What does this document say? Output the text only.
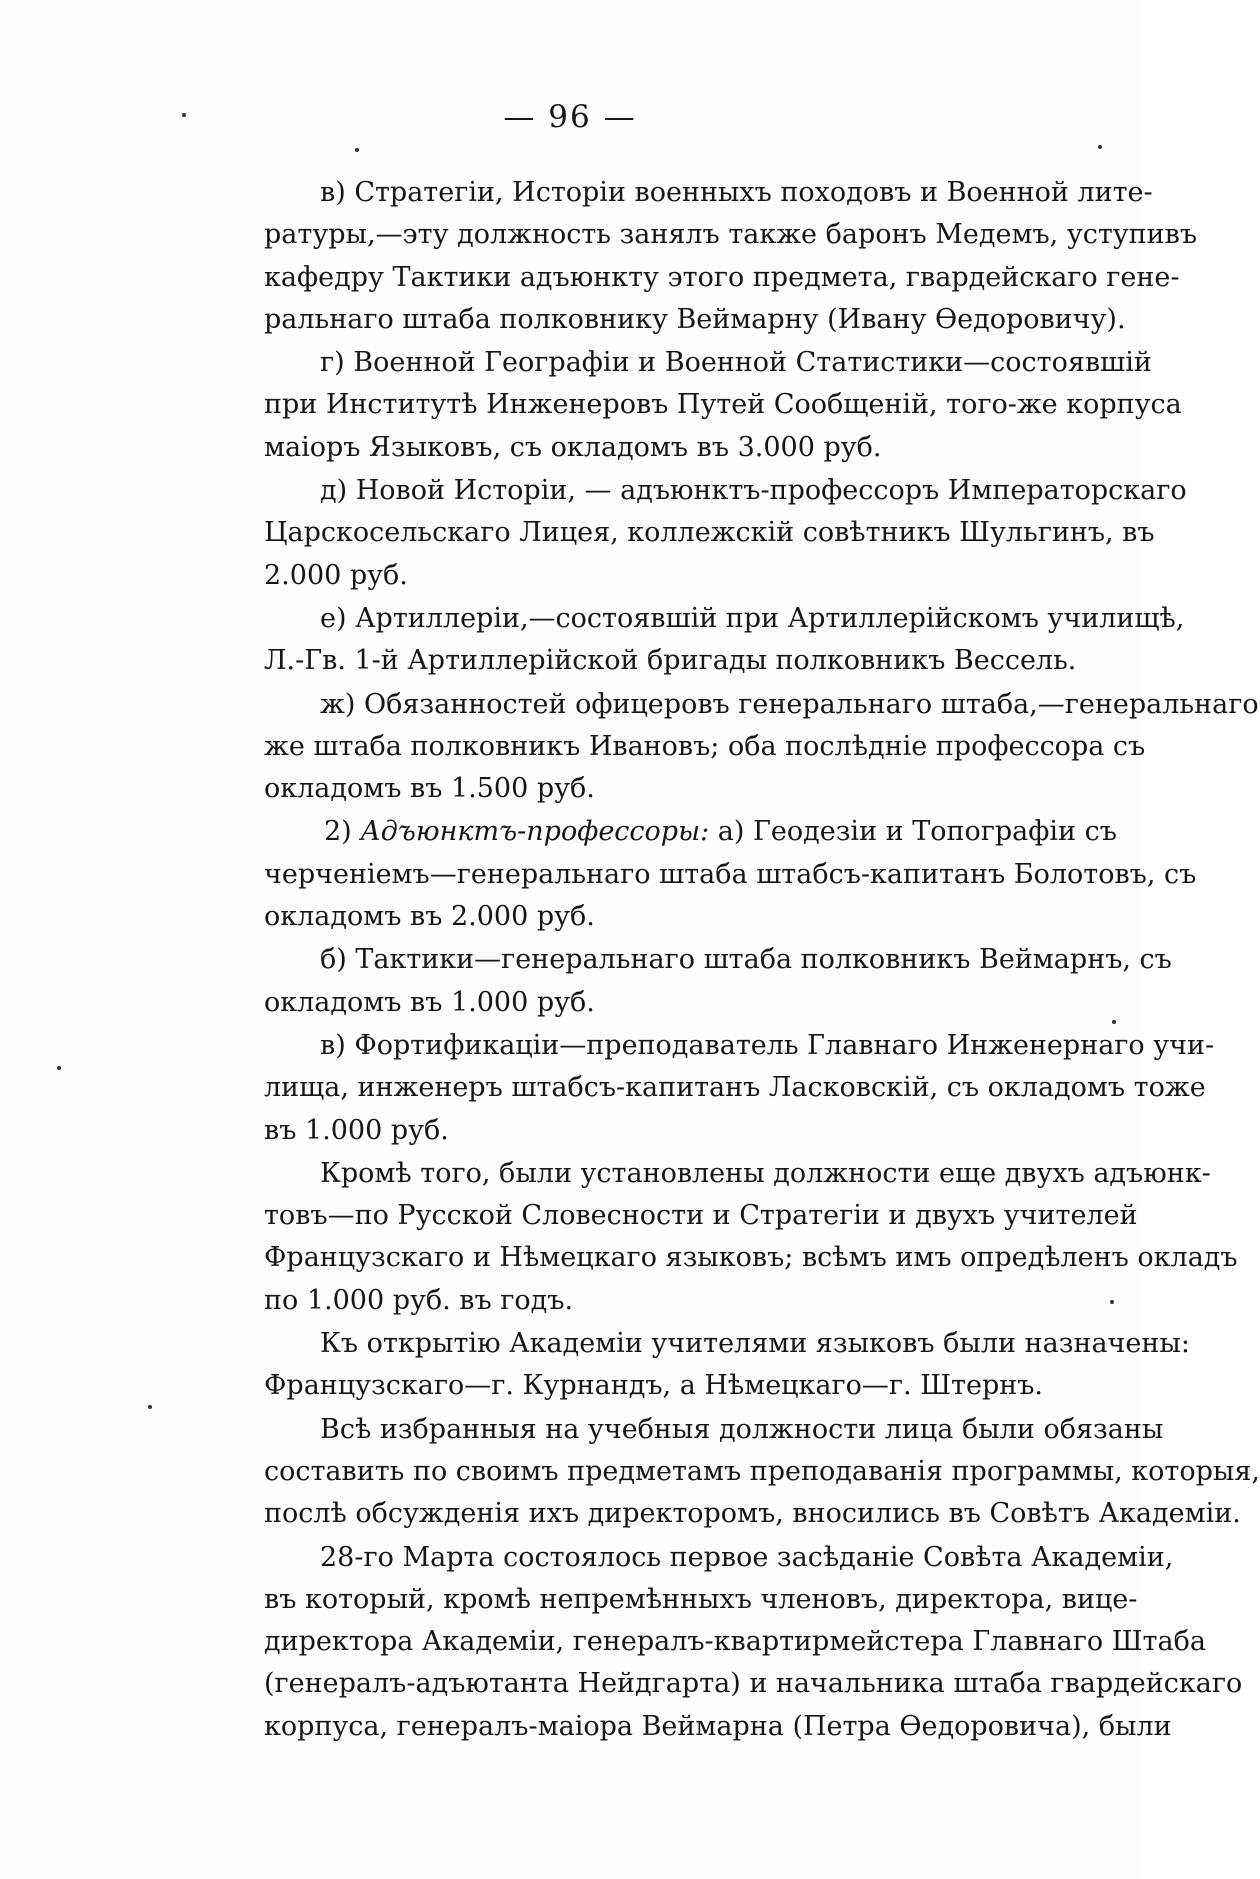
— 96 —
в) Стратегіи, Исторіи военныхъ походовъ и Военной лите-
ратуры,—эту должность занялъ также баронъ Медемъ, уступивъ
кафедру Тактики адъюнкту этого предмета, гвардейскаго гене-
ральнаго штаба полковнику Веймарну (Ивану Ѳедоровичу).
г) Военной Географіи и Военной Статистики—состоявшій
при Институтѣ Инженеровъ Путей Сообщеній, того-же корпуса
маіоръ Языковъ, съ окладомъ въ 3.000 руб.
д) Новой Исторіи, — адъюнктъ-профессоръ Императорскаго
Царскосельскаго Лицея, коллежскій совѣтникъ Шульгинъ, въ
2.000 руб.
е) Артиллеріи,—состоявшій при Артиллерійскомъ училищѣ,
Л.-Гв. 1-й Артиллерійской бригады полковникъ Вессель.
ж) Обязанностей офицеровъ генеральнаго штаба,—генеральнаго
же штаба полковникъ Ивановъ; оба послѣдніе профессора съ
окладомъ въ 1.500 руб.
2) Адъюнктъ-профессоры: а) Геодезіи и Топографіи съ
черченіемъ—генеральнаго штаба штабсъ-капитанъ Болотовъ, съ
окладомъ въ 2.000 руб.
б) Тактики—генеральнаго штаба полковникъ Веймарнъ, съ
окладомъ въ 1.000 руб.
в) Фортификаціи—преподаватель Главнаго Инженернаго учи-
лища, инженеръ штабсъ-капитанъ Ласковскій, съ окладомъ тоже
въ 1.000 руб.
Кромѣ того, были установлены должности еще двухъ адъюнк-
товъ—по Русской Словесности и Стратегіи и двухъ учителей
Французскаго и Нѣмецкаго языковъ; всѣмъ имъ опредѣленъ окладъ
по 1.000 руб. въ годъ.
Къ открытію Академіи учителями языковъ были назначены:
Французскаго—г. Курнандъ, а Нѣмецкаго—г. Штернъ.
Всѣ избранныя на учебныя должности лица были обязаны
составить по своимъ предметамъ преподаванія программы, которыя,
послѣ обсужденія ихъ директоромъ, вносились въ Совѣтъ Академіи.
28-го Марта состоялось первое засѣданіе Совѣта Академіи,
въ который, кромѣ непремѣнныхъ членовъ, директора, вице-
директора Академіи, генералъ-квартирмейстера Главнаго Штаба
(генералъ-адъютанта Нейдгарта) и начальника штаба гвардейскаго
корпуса, генералъ-маіора Веймарна (Петра Ѳедоровича), были
